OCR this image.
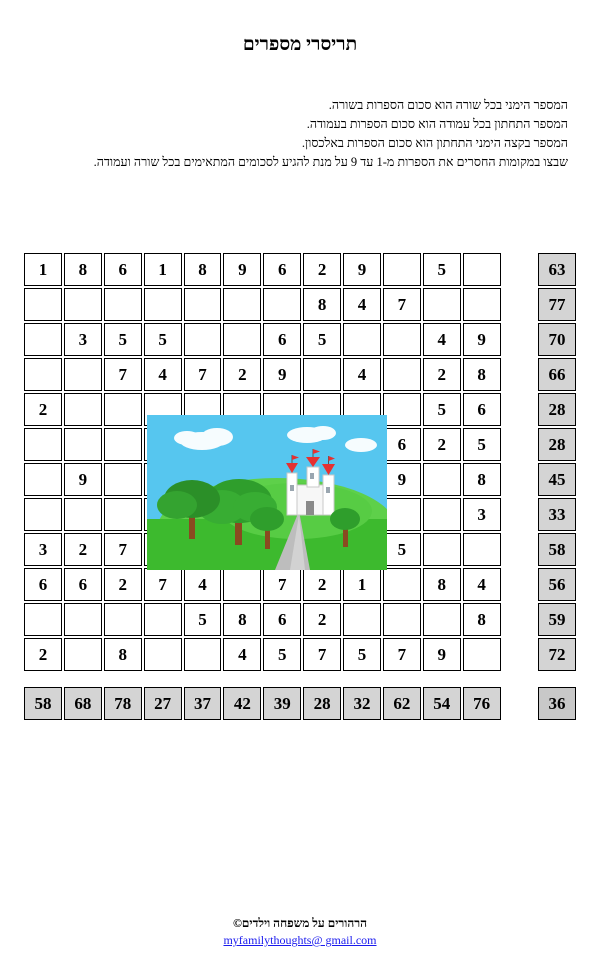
תריסרי מספרים
המספר הימני בכל שורה הוא סכום הספרות בשורה.
המספר התחתון בכל עמודה הוא סכום הספרות בעמודה.
המספר בקצה הימני התחתון הוא סכום הספרות באלכסון.
שבצו במקומות החסרים את הספרות מ-1 עד 9 על מנת להגיע לסכומים המתאימים בכל שורה ועמודה.
1	8	6	1	8	9	6	2	9		5			63
							8	4	7				77
	3	5	5			6	5			4	9		70
		7	4	7	2	9		4		2	8		66
2										5	6		28
									6	2	5		28
	9								9		8		45
											3		33
3	2	7							5				58
6	6	2	7	4		7	2	1		8	4		56
				5	8	6	2				8		59
2		8			4	5	7	5	7	9			72

58	68	78	27	37	42	39	28	32	62	54	76		36
הרהורים על משפחה וילדים©
myfamilythoughts@ gmail.com
